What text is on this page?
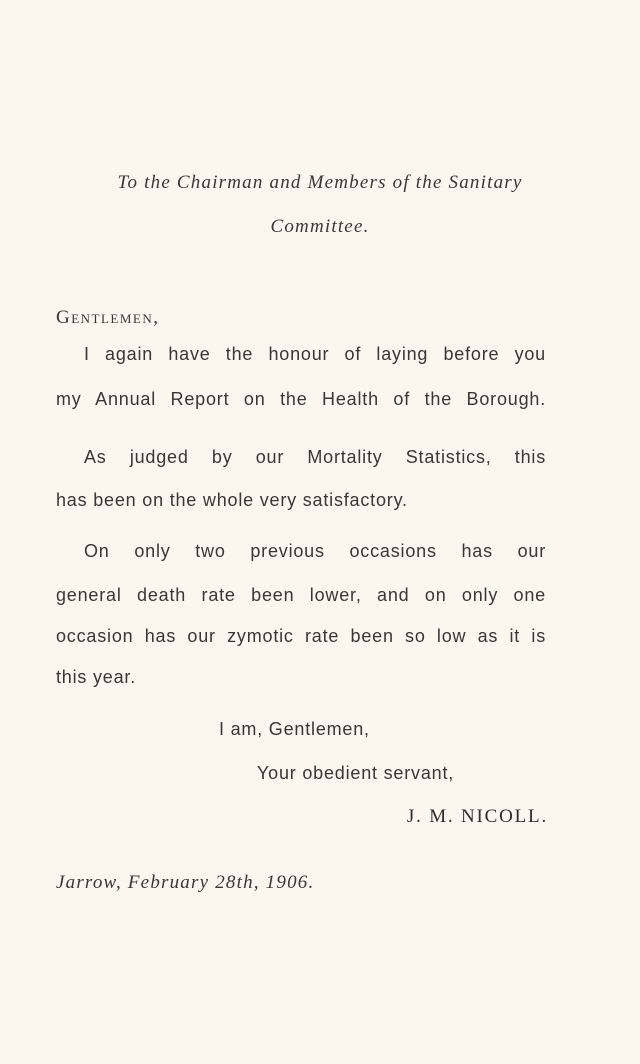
To the Chairman and Members of the Sanitary
Committee.
Gentlemen,
I again have the honour of laying before you
my Annual Report on the Health of the Borough.
As judged by our Mortality Statistics, this
has been on the whole very satisfactory.
On only two previous occasions has our
general death rate been lower, and on only one
occasion has our zymotic rate been so low as it is
this year.
I am, Gentlemen,
Your obedient servant,
J. M. NICOLL.
Jarrow, February 28th, 1906.
